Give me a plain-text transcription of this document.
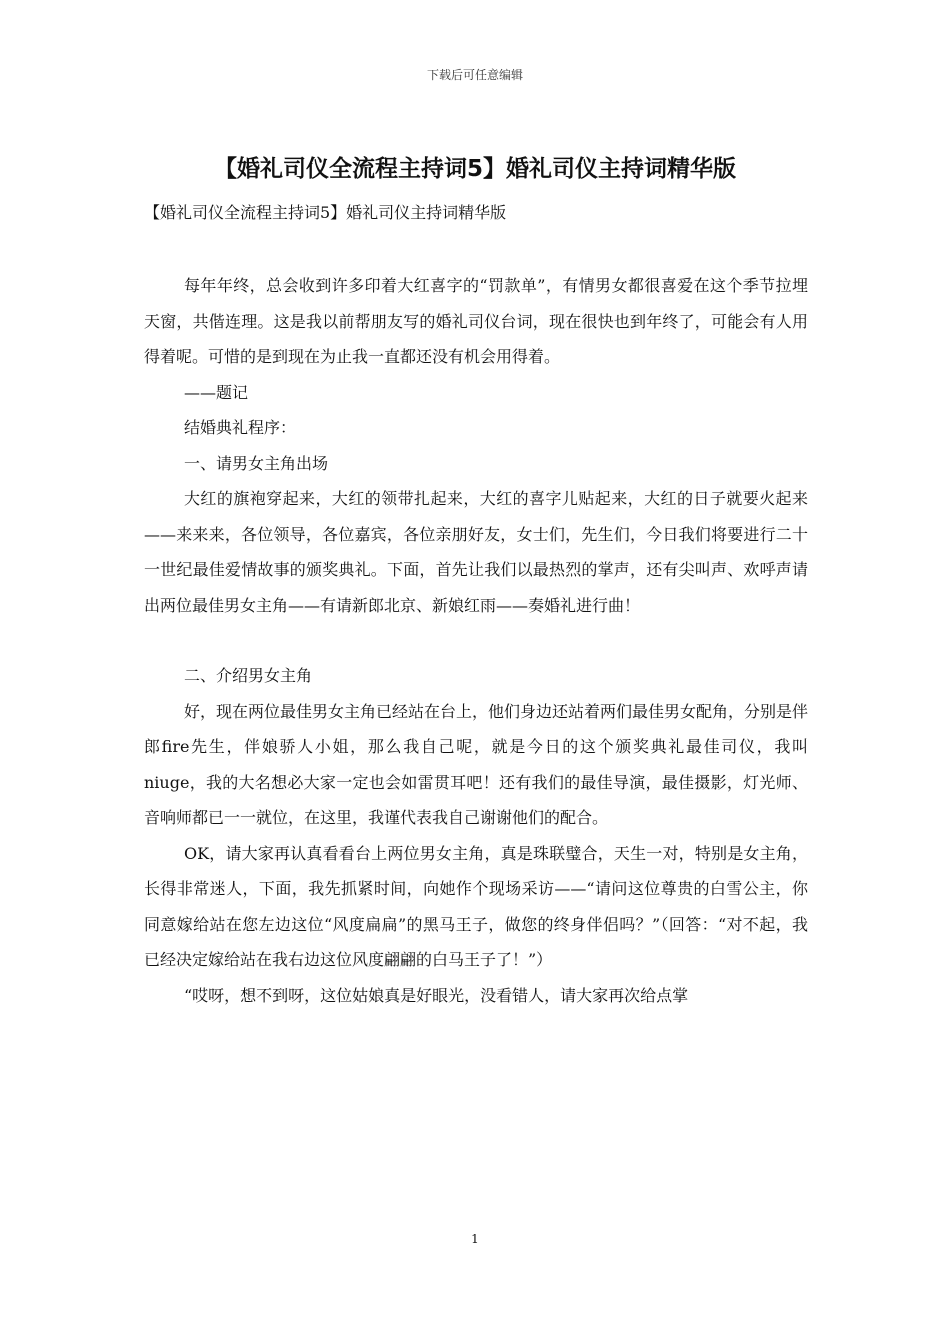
下载后可任意编辑
【婚礼司仪全流程主持词5】婚礼司仪主持词精华版

【婚礼司仪全流程主持词5】婚礼司仪主持词精华版

每年年终，总会收到许多印着大红喜字的“罚款单”，有情男女都很喜爱在这个季节拉埋天窗，共偕连理。这是我以前帮朋友写的婚礼司仪台词，现在很快也到年终了，可能会有人用得着呢。可惜的是到现在为止我一直都还没有机会用得着。

——题记

结婚典礼程序：

一、请男女主角出场

大红的旗袍穿起来，大红的领带扎起来，大红的喜字儿贴起来，大红的日子就要火起来——来来来，各位领导，各位嘉宾，各位亲朋好友，女士们，先生们，今日我们将要进行二十一世纪最佳爱情故事的颁奖典礼。下面，首先让我们以最热烈的掌声，还有尖叫声、欢呼声请出两位最佳男女主角——有请新郎北京、新娘红雨——奏婚礼进行曲！

二、介绍男女主角

好，现在两位最佳男女主角已经站在台上，他们身边还站着两们最佳男女配角，分别是伴郎fire先生，伴娘骄人小姐，那么我自己呢，就是今日的这个颁奖典礼最佳司仪，我叫niuge，我的大名想必大家一定也会如雷贯耳吧！还有我们的最佳导演，最佳摄影，灯光师、音响师都已一一就位，在这里，我谨代表我自己谢谢他们的配合。

OK，请大家再认真看看台上两位男女主角，真是珠联璧合，天生一对，特别是女主角，长得非常迷人，下面，我先抓紧时间，向她作个现场采访——“请问这位尊贵的白雪公主，你同意嫁给站在您左边这位“风度扁扁”的黑马王子，做您的终身伴侣吗？”（回答：“对不起，我已经决定嫁给站在我右边这位风度翩翩的白马王子了！”）

“哎呀，想不到呀，这位姑娘真是好眼光，没看错人，请大家再次给点掌

1
